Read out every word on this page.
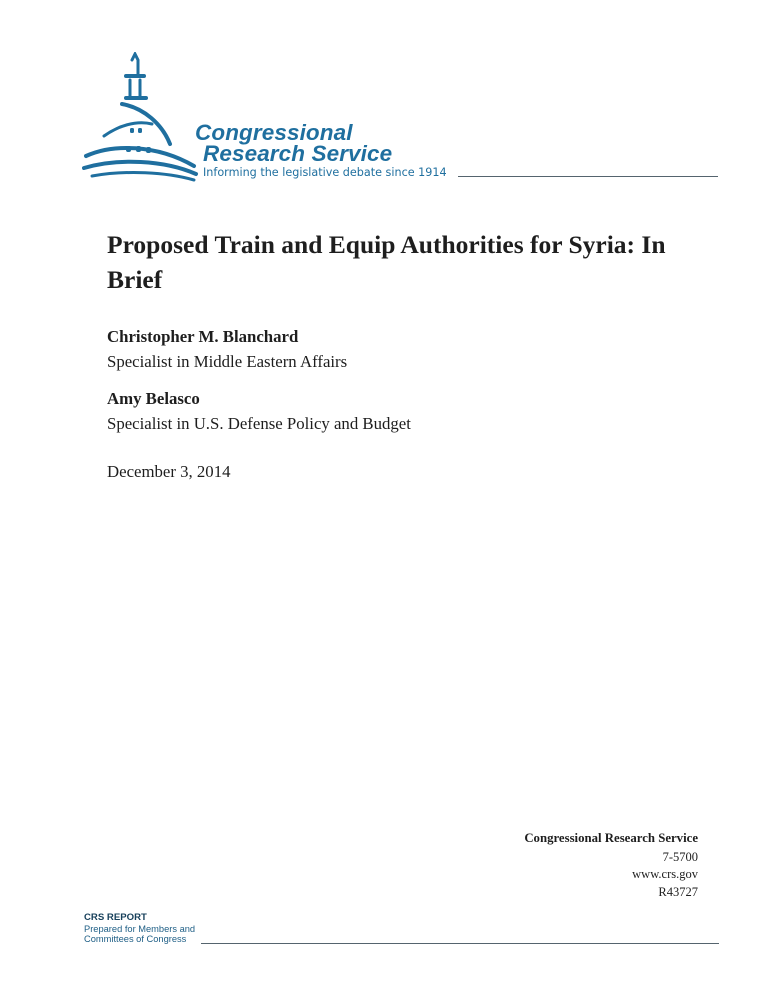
Congressional
Research Service
Informing the legislative debate since 1914
Proposed Train and Equip Authorities for Syria: In Brief
Christopher M. Blanchard
Specialist in Middle Eastern Affairs
Amy Belasco
Specialist in U.S. Defense Policy and Budget
December 3, 2014
Congressional Research Service
7-5700
www.crs.gov
R43727
CRS REPORT
Prepared for Members and
Committees of Congress
